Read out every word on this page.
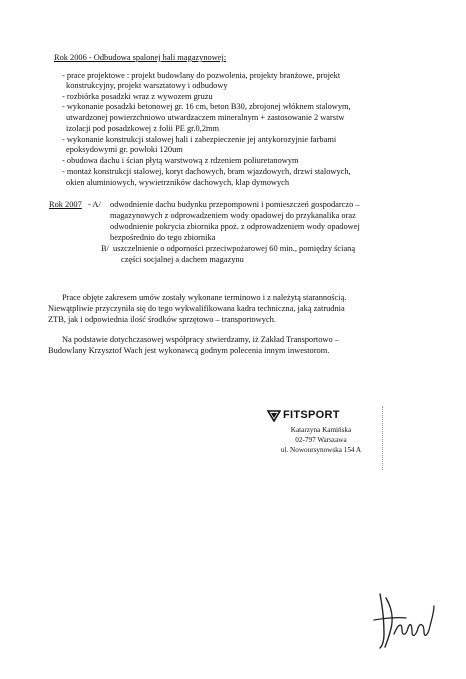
Rok 2006 - Odbudowa spalonej hali magazynowej:
- prace projektowe : projekt budowlany do pozwolenia, projekty branżowe, projekt
konstrukcyjny, projekt warsztatowy i odbudowy
- rozbiórka posadzki wraz z wywozem gruzu
- wykonanie posadzki betonowej gr. 16 cm, beton B30, zbrojonej włóknem stalowym,
utwardzonej powierzchniowo utwardzaczem mineralnym + zastosowanie 2 warstw
izolacji pod posadzkowej z folii PE gr.0,2mm
- wykonanie konstrukcji stalowej hali i zabezpieczenie jej antykorozyjnie farbami
epoksydowymi gr. powłoki 120um
- obudowa dachu i ścian płytą warstwową z rdzeniem poliuretanowym
- montaż konstrukcji stalowej, koryt dachowych, bram wjazdowych, drzwi stalowych,
okien aluminiowych, wywietrzników dachowych, klap dymowych
Rok 2007 - A/ odwodnienie dachu budynku przepompowni i pomieszczeń gospodarczo –
magazynowych z odprowadzeniem wody opadowej do przykanalika oraz
odwodnienie pokrycia zbiornika ppoż. z odprowadzeniem wody opadowej
bezpośrednio do tego zbiornika
B/ uszczelnienie o odporności przeciwpożarowej 60 min., pomiędzy ścianą
części socjalnej a dachem magazynu
Prace objęte zakresem umów zostały wykonane terminowo i z należytą starannością.
Niewątpliwie przyczyniła się do tego wykwalifikowana kadra techniczna, jaką zatrudnia
ZTB, jak i odpowiednia ilość środków sprzętowo – transportowych.
Na podstawie dotychczasowej współpracy stwierdzamy, iż Zakład Transportowo –
Budowlany Krzysztof Wach jest wykonawcą godnym polecenia innym inwestorom.
FITSPORT
Katarzyna Kamińska
02-797 Warszawa
ul. Nowoursynowska 154 A
